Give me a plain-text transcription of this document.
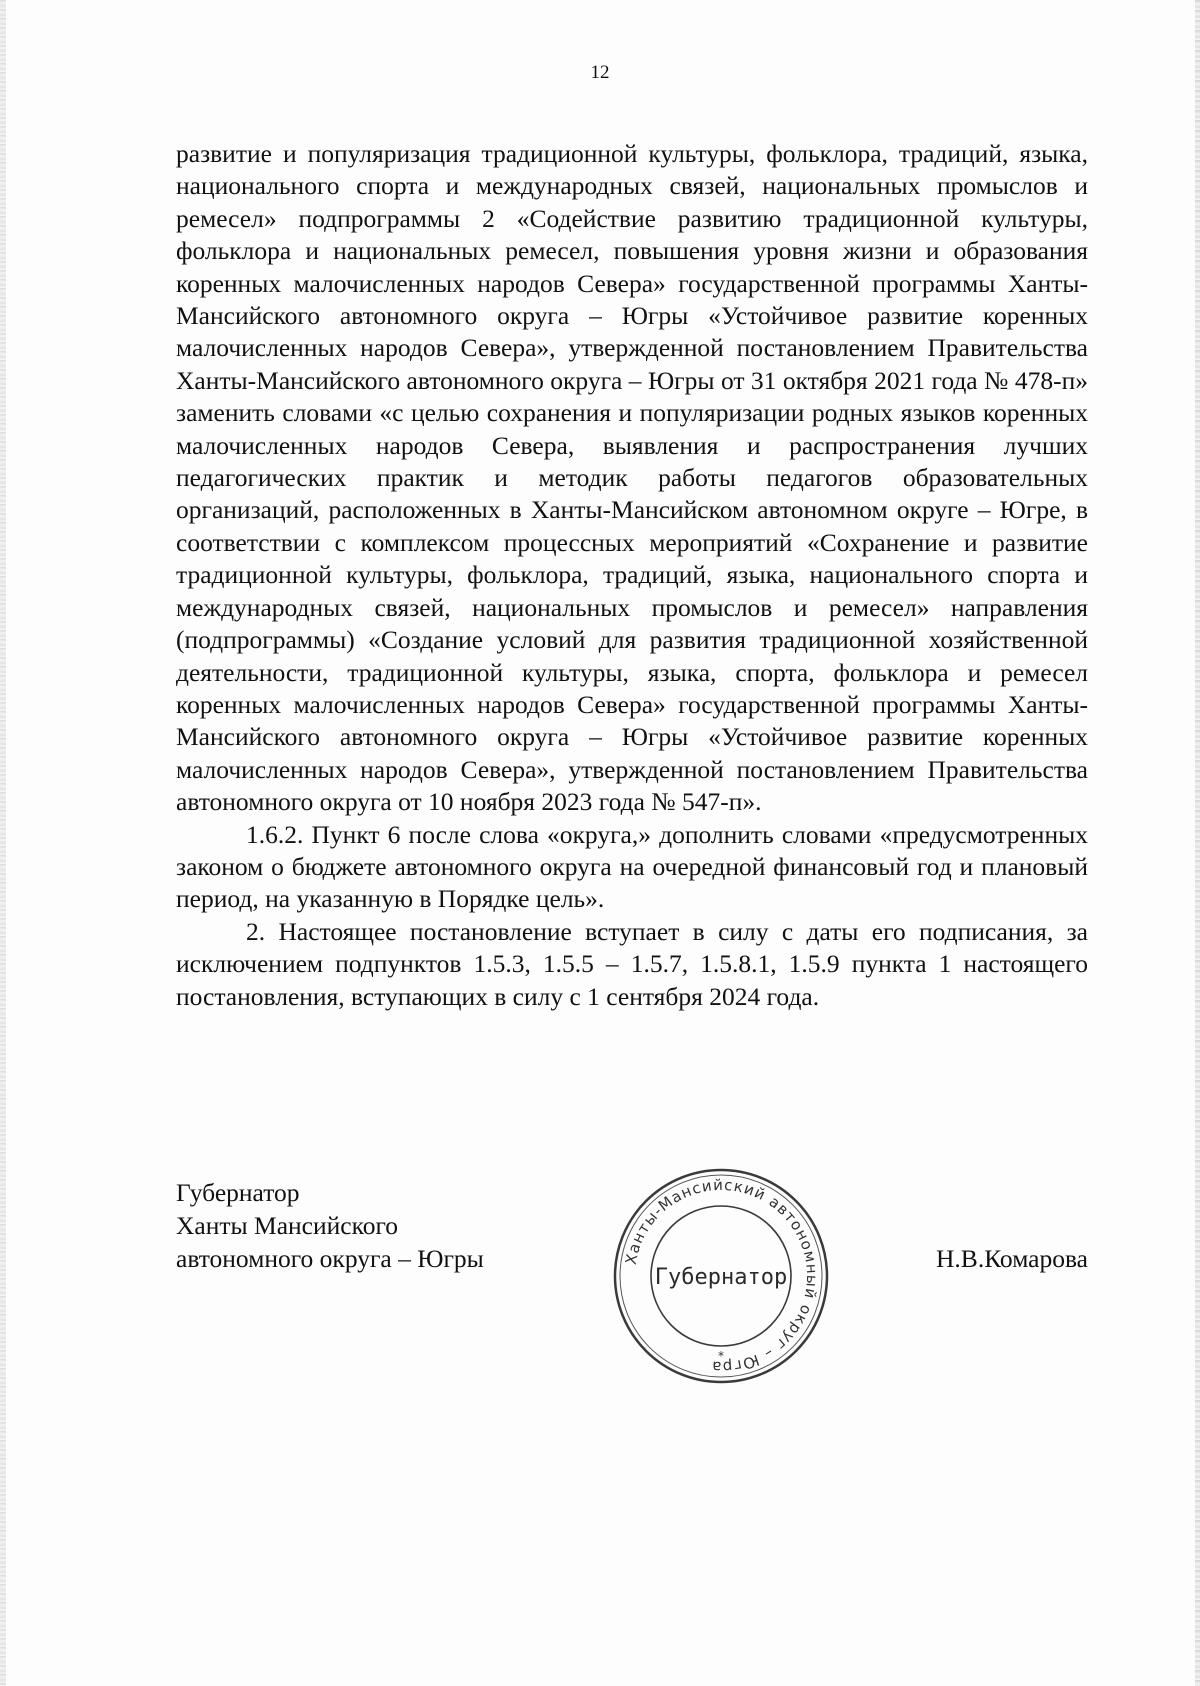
12

развитие и популяризация традиционной культуры, фольклора, традиций, языка, национального спорта и международных связей, национальных промыслов и ремесел» подпрограммы 2 «Содействие развитию традиционной культуры, фольклора и национальных ремесел, повышения уровня жизни и образования коренных малочисленных народов Севера» государственной программы Ханты-Мансийского автономного округа – Югры «Устойчивое развитие коренных малочисленных народов Севера», утвержденной постановлением Правительства Ханты-Мансийского автономного округа – Югры от 31 октября 2021 года № 478-п» заменить словами «с целью сохранения и популяризации родных языков коренных малочисленных народов Севера, выявления и распространения лучших педагогических практик и методик работы педагогов образовательных организаций, расположенных в Ханты-Мансийском автономном округе – Югре, в соответствии с комплексом процессных мероприятий «Сохранение и развитие традиционной культуры, фольклора, традиций, языка, национального спорта и международных связей, национальных промыслов и ремесел» направления (подпрограммы) «Создание условий для развития традиционной хозяйственной деятельности, традиционной культуры, языка, спорта, фольклора и ремесел коренных малочисленных народов Севера» государственной программы Ханты-Мансийского автономного округа – Югры «Устойчивое развитие коренных малочисленных народов Севера», утвержденной постановлением Правительства автономного округа от 10 ноября 2023 года № 547-п».

1.6.2. Пункт 6 после слова «округа,» дополнить словами «предусмотренных законом о бюджете автономного округа на очередной финансовый год и плановый период, на указанную в Порядке цель».

2. Настоящее постановление вступает в силу с даты его подписания, за исключением подпунктов 1.5.3, 1.5.5 – 1.5.7, 1.5.8.1, 1.5.9 пункта 1 настоящего постановления, вступающих в силу с 1 сентября 2024 года.

Губернатор
Ханты Мансийского
автономного округа – Югры	Ханты-Мансийский автономный округ – Югра
Губернатор
*
Н.В.Комарова
